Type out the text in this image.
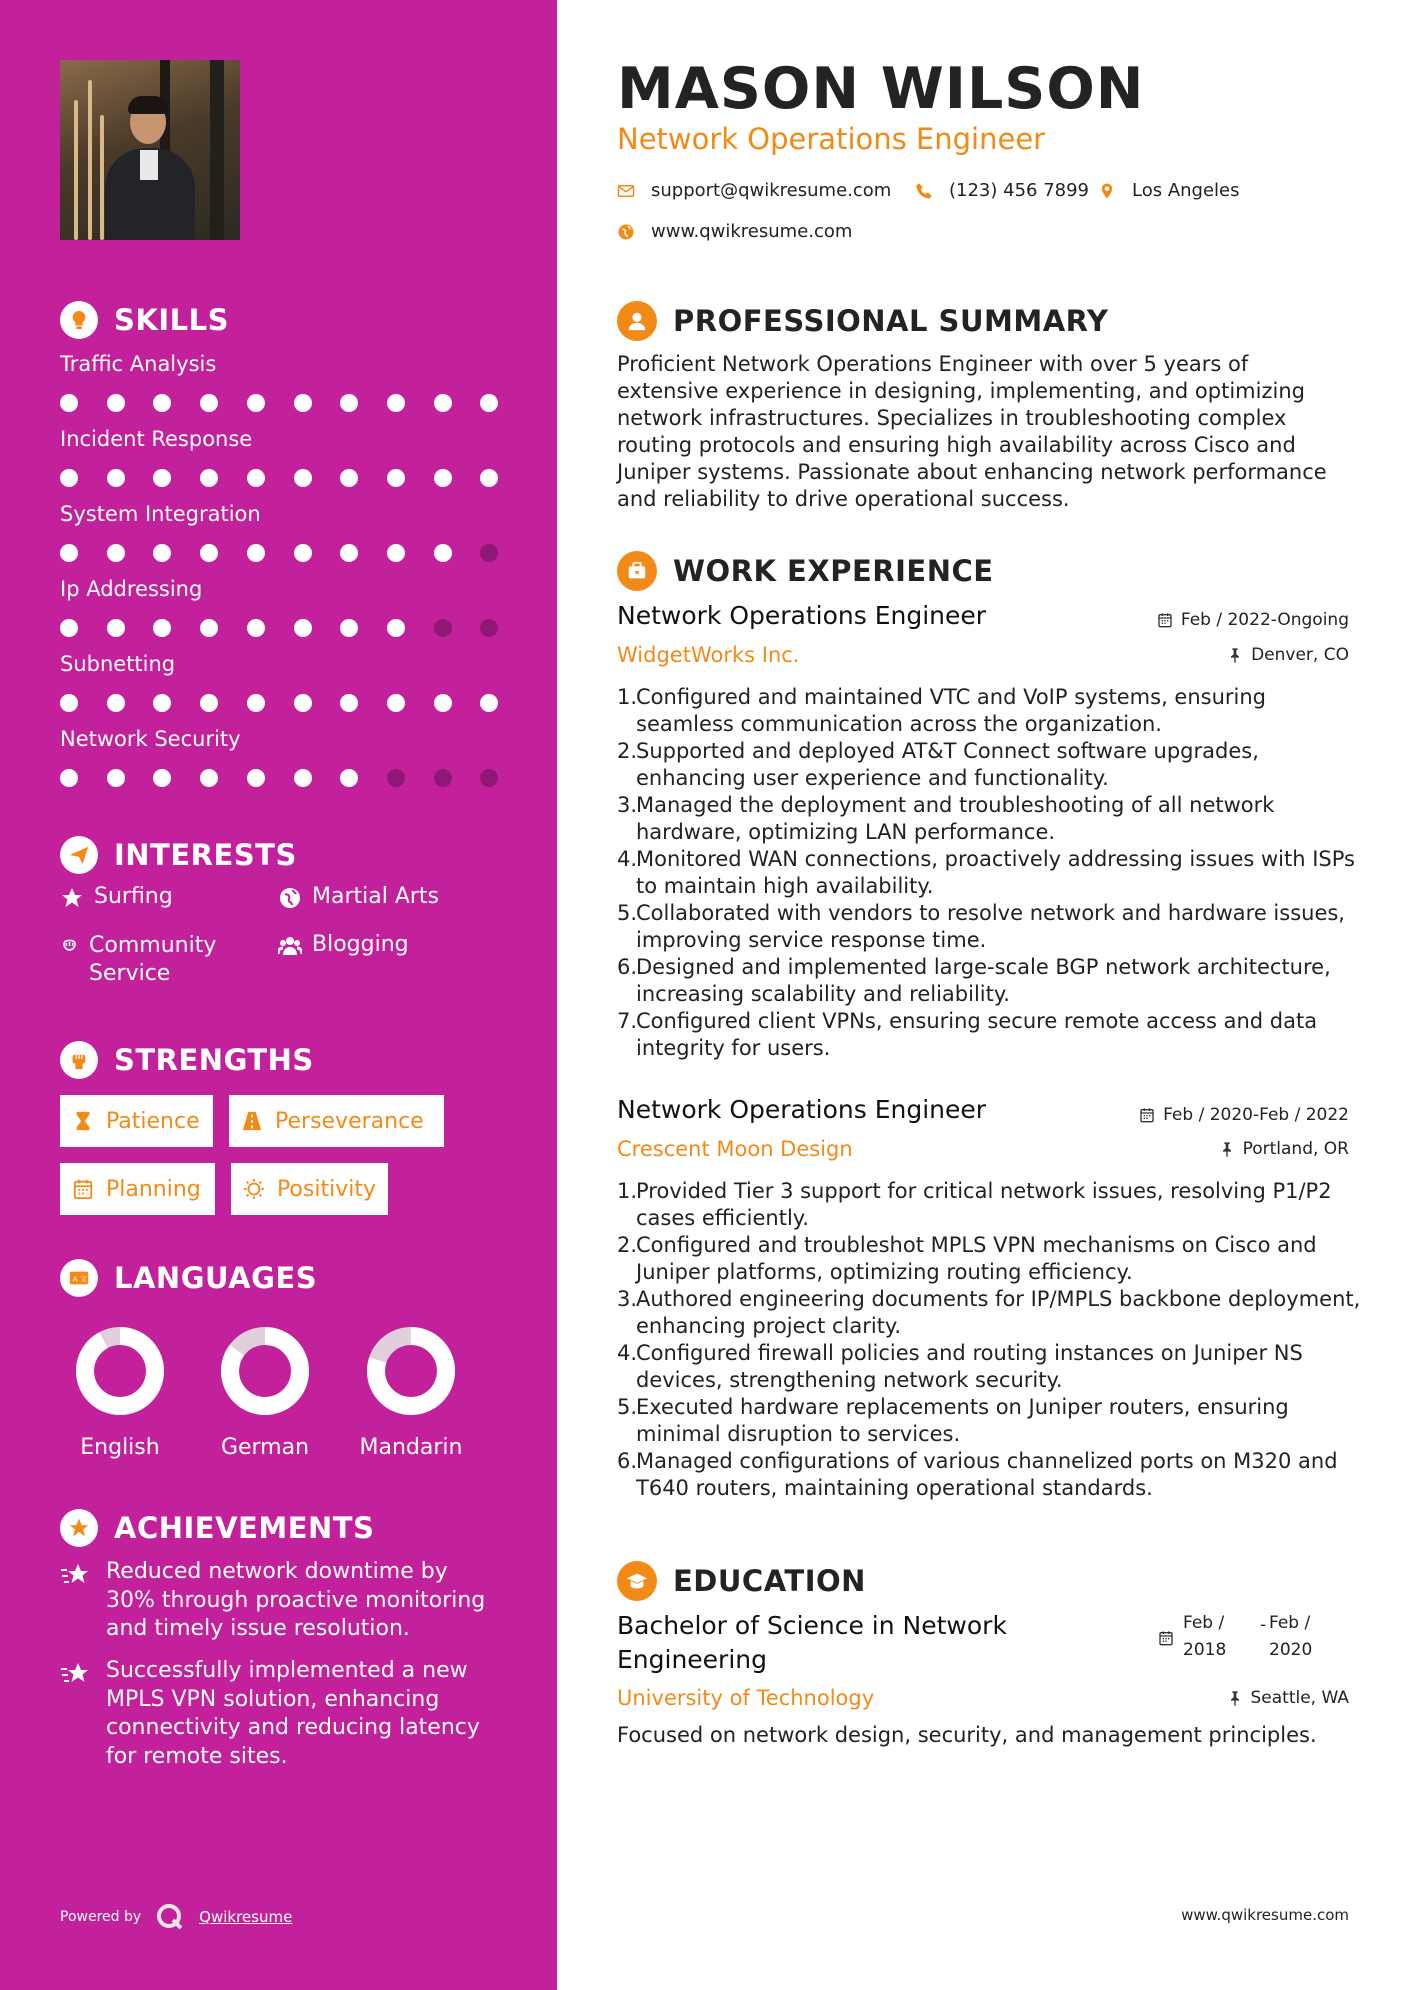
SKILLS
Traffic Analysis
Incident Response
System Integration
Ip Addressing
Subnetting
Network Security
INTERESTS
Surfing	Martial Arts
Community Service
Blogging
STRENGTHS
Patience	Perseverance
Planning	Positivity
A 文 LANGUAGES
English	German	Mandarin
ACHIEVEMENTS
Reduced network downtime by 30% through proactive monitoring and timely issue resolution.
Successfully implemented a new MPLS VPN solution, enhancing connectivity and reducing latency for remote sites.
Powered by	Qwikresume
MASON WILSON
Network Operations Engineer
support@qwikresume.com	(123) 456 7899 Los Angeles
www.qwikresume.com
PROFESSIONAL SUMMARY
Proficient Network Operations Engineer with over 5 years of extensive experience in designing, implementing, and optimizing network infrastructures. Specializes in troubleshooting complex routing protocols and ensuring high availability across Cisco and Juniper systems. Passionate about enhancing network performance and reliability to drive operational success.
WORK EXPERIENCE
Network Operations Engineer	Feb / 2022-Ongoing
WidgetWorks Inc.	Denver, CO
1.
Configured and maintained VTC and VoIP systems, ensuring seamless communication across the organization.
2.
Supported and deployed AT&T Connect software upgrades, enhancing user experience and functionality.
3.
Managed the deployment and troubleshooting of all network hardware, optimizing LAN performance.
4.
Monitored WAN connections, proactively addressing issues with ISPs to maintain high availability.
5.
Collaborated with vendors to resolve network and hardware issues, improving service response time.
6.
Designed and implemented large-scale BGP network architecture, increasing scalability and reliability.
7.
Configured client VPNs, ensuring secure remote access and data integrity for users.
Network Operations Engineer	Feb / 2020-Feb / 2022
Crescent Moon Design	Portland, OR
1.
Provided Tier 3 support for critical network issues, resolving P1/P2 cases efficiently.
2.
Configured and troubleshot MPLS VPN mechanisms on Cisco and Juniper platforms, optimizing routing efficiency.
3.
Authored engineering documents for IP/MPLS backbone deployment, enhancing project clarity.
4.
Configured firewall policies and routing instances on Juniper NS devices, strengthening network security.
5.
Executed hardware replacements on Juniper routers, ensuring minimal disruption to services.
6.
Managed configurations of various channelized ports on M320 and T640 routers, maintaining operational standards.
EDUCATION
Bachelor of Science in Network Engineering
Feb / 2018
- Feb / 2020
University of Technology	Seattle, WA
Focused on network design, security, and management principles.
www.qwikresume.com
